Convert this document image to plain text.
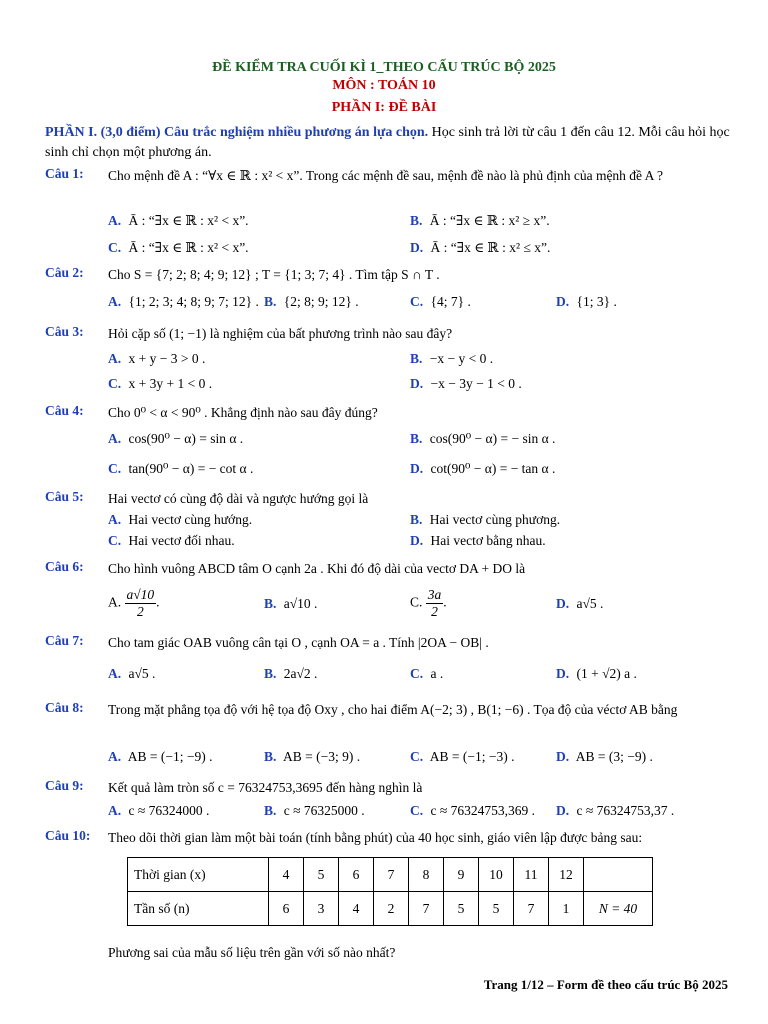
ĐỀ KIỂM TRA CUỐI KÌ 1_THEO CẤU TRÚC BỘ 2025
MÔN : TOÁN 10
PHẦN I: ĐỀ BÀI
PHẦN I. (3,0 điểm) Câu trắc nghiệm nhiều phương án lựa chọn. Học sinh trả lời từ câu 1 đến câu 12. Mỗi câu hỏi học sinh chỉ chọn một phương án.
Câu 1: Cho mệnh đề A : “∀x ∈ ℝ : x² < x”. Trong các mệnh đề sau, mệnh đề nào là phủ định của mệnh đề A ?
A. Ā : “∃x ∈ ℝ : x² < x”.	B. Ā : “∃x ∈ ℝ : x² ≥ x”.
C. Ā : “∃x ∈ ℝ : x² < x”.	D. Ā : “∃x ∈ ℝ : x² ≤ x”.
Câu 2: Cho S = {7; 2; 8; 4; 9; 12} ; T = {1; 3; 7; 4} . Tìm tập S ∩ T .
A. {1; 2; 3; 4; 8; 9; 7; 12} . B. {2; 8; 9; 12} .	C. {4; 7} .	D. {1; 3} .
Câu 3: Hỏi cặp số (1; −1) là nghiệm của bất phương trình nào sau đây?
A. x + y − 3 > 0 .	B. −x − y < 0 .
C. x + 3y + 1 < 0 .	D. −x − 3y − 1 < 0 .
Câu 4: Cho 0⁰ < α < 90⁰ . Khẳng định nào sau đây đúng?
A. cos(90⁰ − α) = sin α .	B. cos(90⁰ − α) = − sin α .
C. tan(90⁰ − α) = − cot α .	D. cot(90⁰ − α) = − tan α .
Câu 5: Hai vectơ có cùng độ dài và ngược hướng gọi là
A. Hai vectơ cùng hướng.	B. Hai vectơ cùng phương.
C. Hai vectơ đối nhau.	D. Hai vectơ bằng nhau.
Câu 6: Cho hình vuông ABCD tâm O cạnh 2a . Khi đó độ dài của vectơ DA + DO là
A. $\frac{a√10}{2}$ .	B. a√10 .	C. $\frac{3a}{2}$ .	D. a√5 .
Câu 7: Cho tam giác OAB vuông cân tại O , cạnh OA = a . Tính |2OA − OB| .
A. a√5 .	B. 2a√2 .	C. a .	D. (1 + √2) a .
Câu 8: Trong mặt phẳng tọa độ với hệ tọa độ Oxy , cho hai điểm A(−2; 3) , B(1; −6) . Tọa độ của véctơ AB bằng
A. AB = (−1; −9) .	B. AB = (−3; 9) .	C. AB = (−1; −3) .	D. AB = (3; −9) .
Câu 9: Kết quả làm tròn số c = 76324753,3695 đến hàng nghìn là
A. c ≈ 76324000 .	B. c ≈ 76325000 .	C. c ≈ 76324753,369 . D. c ≈ 76324753,37 .
Câu 10: Theo dõi thời gian làm một bài toán (tính bằng phút) của 40 học sinh, giáo viên lập được bảng sau:
Thời gian (x)	4	5	6	7	8	9	10	11	12	
Tần số (n)	6	3	4	2	7	5	5	7	1	N = 40
Phương sai của mẫu số liệu trên gần với số nào nhất?
Trang 1/12 – Form đề theo cấu trúc Bộ 2025
